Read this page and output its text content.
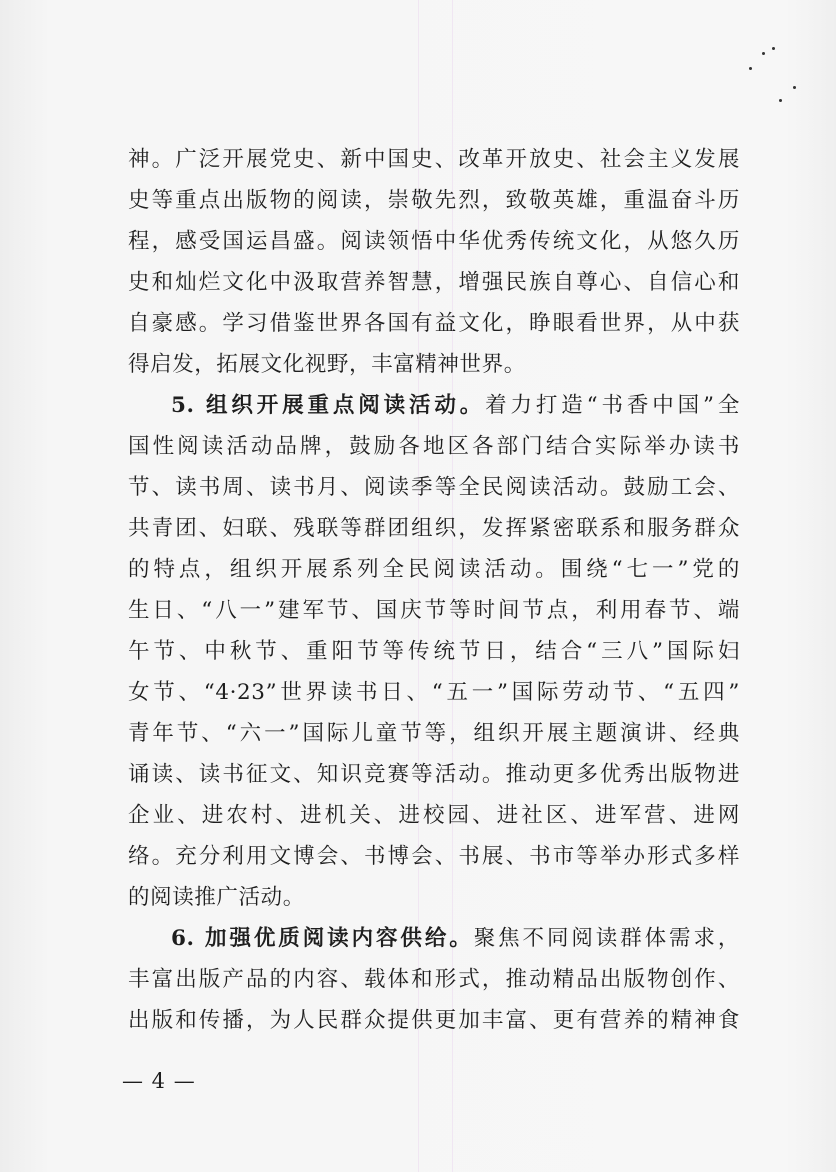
神。广泛开展党史、新中国史、改革开放史、社会主义发展

史等重点出版物的阅读，崇敬先烈，致敬英雄，重温奋斗历

程，感受国运昌盛。阅读领悟中华优秀传统文化，从悠久历

史和灿烂文化中汲取营养智慧，增强民族自尊心、自信心和

自豪感。学习借鉴世界各国有益文化，睁眼看世界，从中获

得启发，拓展文化视野，丰富精神世界。

5. 组织开展重点阅读活动。着力打造“书香中国”全

国性阅读活动品牌，鼓励各地区各部门结合实际举办读书

节、读书周、读书月、阅读季等全民阅读活动。鼓励工会、

共青团、妇联、残联等群团组织，发挥紧密联系和服务群众

的特点，组织开展系列全民阅读活动。围绕“七一”党的

生日、“八一”建军节、国庆节等时间节点，利用春节、端

午节、中秋节、重阳节等传统节日，结合“三八”国际妇

女节、“4·23”世界读书日、“五一”国际劳动节、“五四”

青年节、“六一”国际儿童节等，组织开展主题演讲、经典

诵读、读书征文、知识竞赛等活动。推动更多优秀出版物进

企业、进农村、进机关、进校园、进社区、进军营、进网

络。充分利用文博会、书博会、书展、书市等举办形式多样

的阅读推广活动。

6. 加强优质阅读内容供给。聚焦不同阅读群体需求，

丰富出版产品的内容、载体和形式，推动精品出版物创作、

出版和传播，为人民群众提供更加丰富、更有营养的精神食

— 4 —
